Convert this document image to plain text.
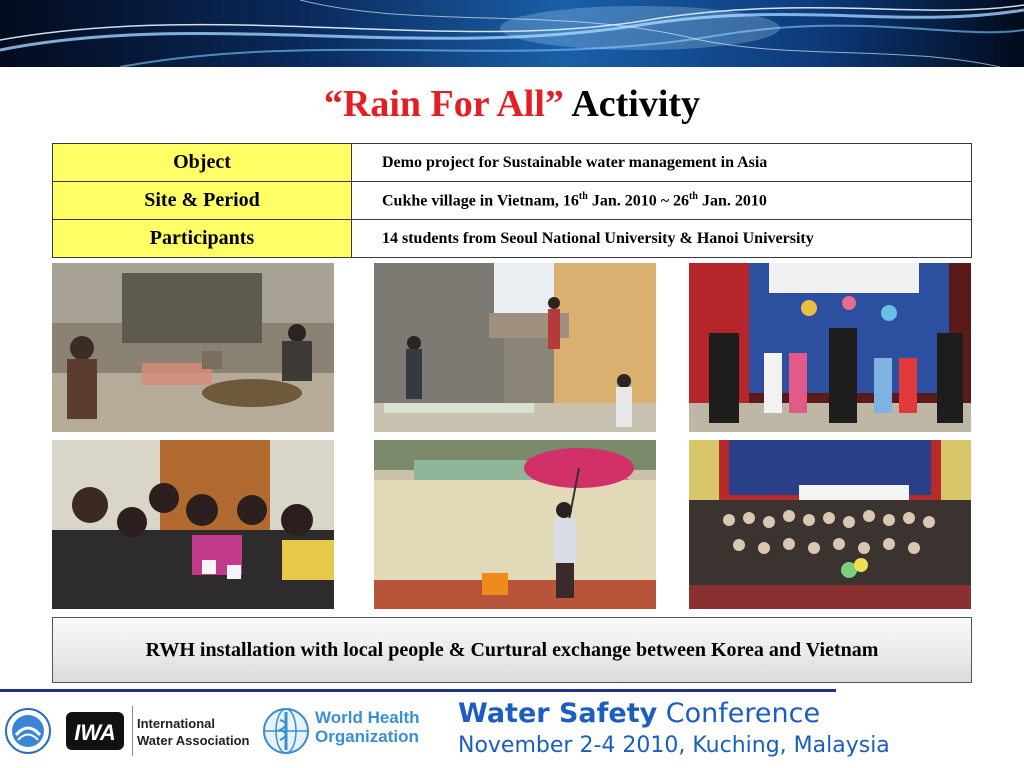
“Rain For All” Activity
Object	Demo project for Sustainable water management in Asia
Site & Period	Cukhe village in Vietnam, 16th Jan. 2010 ~ 26th Jan. 2010
Participants	14 students from Seoul National University & Hanoi University
RWH installation with local people & Curtural exchange between Korea and Vietnam
IWA International
Water Association
World Health
Organization
Water Safety Conference
November 2-4 2010, Kuching, Malaysia
